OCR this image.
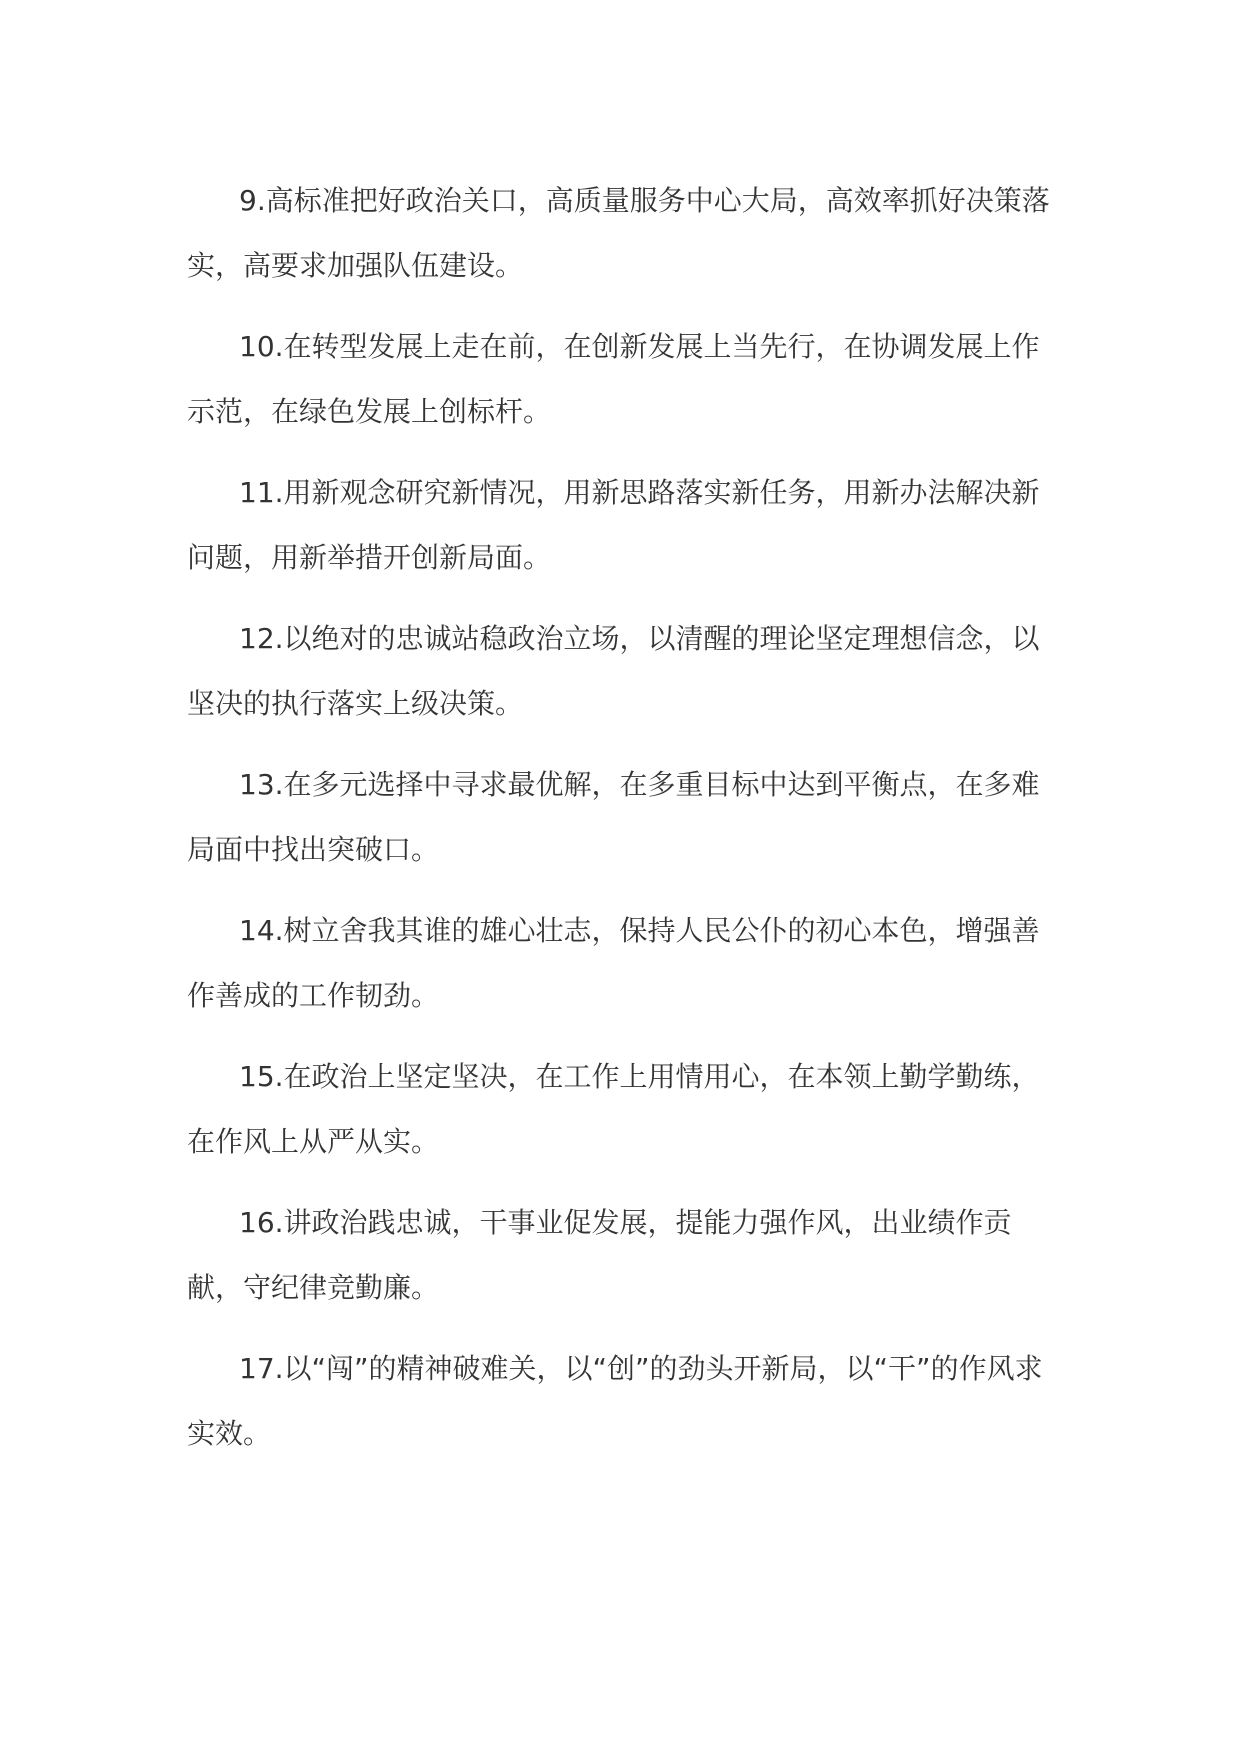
9.高标准把好政治关口，高质量服务中心大局，高效率抓好决策落实，高要求加强队伍建设。

10.在转型发展上走在前，在创新发展上当先行，在协调发展上作示范，在绿色发展上创标杆。

11.用新观念研究新情况，用新思路落实新任务，用新办法解决新问题，用新举措开创新局面。

12.以绝对的忠诚站稳政治立场，以清醒的理论坚定理想信念，以坚决的执行落实上级决策。

13.在多元选择中寻求最优解，在多重目标中达到平衡点，在多难局面中找出突破口。

14.树立舍我其谁的雄心壮志，保持人民公仆的初心本色，增强善作善成的工作韧劲。

15.在政治上坚定坚决，在工作上用情用心，在本领上勤学勤练，在作风上从严从实。

16.讲政治践忠诚，干事业促发展，提能力强作风，出业绩作贡献，守纪律竞勤廉。

17.以“闯”的精神破难关，以“创”的劲头开新局，以“干”的作风求实效。
